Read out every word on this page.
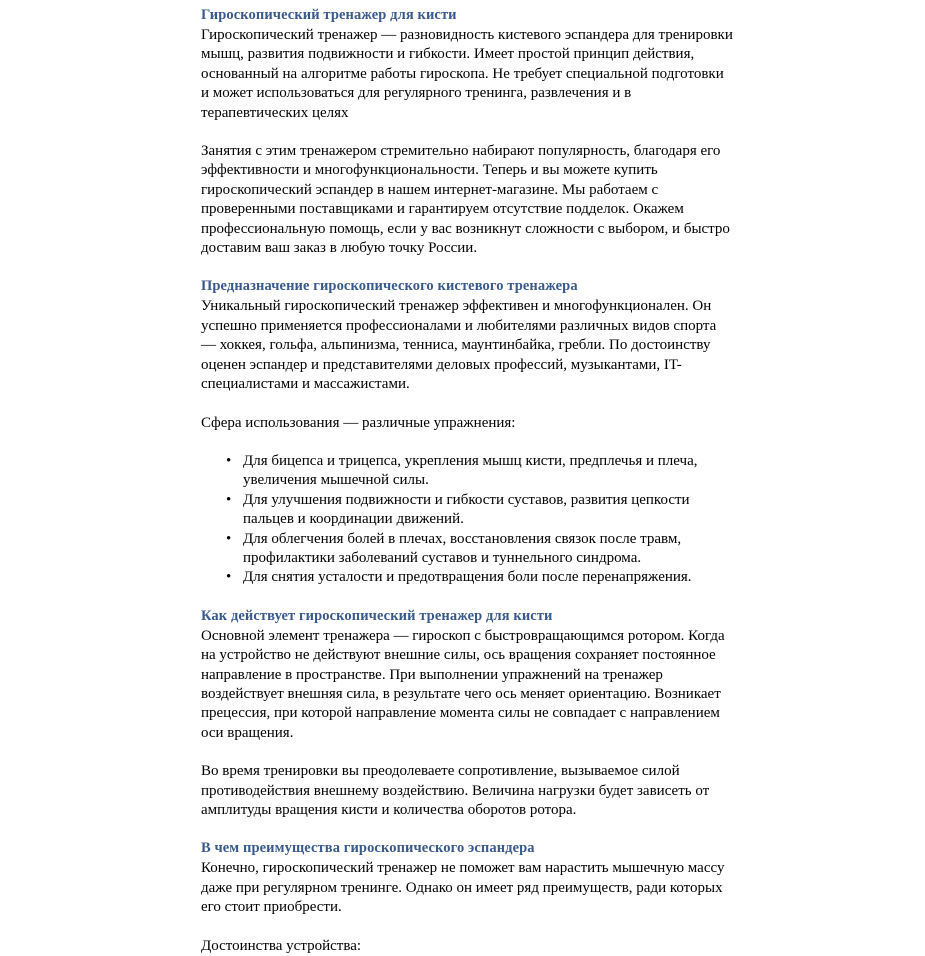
Гироскопический тренажер для кисти

Гироскопический тренажер — разновидность кистевого эспандера для тренировки мышц, развития подвижности и гибкости. Имеет простой принцип действия, основанный на алгоритме работы гироскопа. Не требует специальной подготовки и может использоваться для регулярного тренинга, развлечения и в терапевтических целях

Занятия с этим тренажером стремительно набирают популярность, благодаря его эффективности и многофункциональности. Теперь и вы можете купить гироскопический эспандер в нашем интернет-магазине. Мы работаем с проверенными поставщиками и гарантируем отсутствие подделок. Окажем профессиональную помощь, если у вас возникнут сложности с выбором, и быстро доставим ваш заказ в любую точку России.

Предназначение гироскопического кистевого тренажера

Уникальный гироскопический тренажер эффективен и многофункционален. Он успешно применяется профессионалами и любителями различных видов спорта — хоккея, гольфа, альпинизма, тенниса, маунтинбайка, гребли. По достоинству оценен эспандер и представителями деловых профессий, музыкантами, IT-специалистами и массажистами.

Сфера использования — различные упражнения:

• Для бицепса и трицепса, укрепления мышц кисти, предплечья и плеча, увеличения мышечной силы.
• Для улучшения подвижности и гибкости суставов, развития цепкости пальцев и координации движений.
• Для облегчения болей в плечах, восстановления связок после травм, профилактики заболеваний суставов и туннельного синдрома.
• Для снятия усталости и предотвращения боли после перенапряжения.
Как действует гироскопический тренажер для кисти

Основной элемент тренажера — гироскоп с быстровращающимся ротором. Когда на устройство не действуют внешние силы, ось вращения сохраняет постоянное направление в пространстве. При выполнении упражнений на тренажер воздействует внешняя сила, в результате чего ось меняет ориентацию. Возникает прецессия, при которой направление момента силы не совпадает с направлением оси вращения.

Во время тренировки вы преодолеваете сопротивление, вызываемое силой противодействия внешнему воздействию. Величина нагрузки будет зависеть от амплитуды вращения кисти и количества оборотов ротора.

В чем преимущества гироскопического эспандера

Конечно, гироскопический тренажер не поможет вам нарастить мышечную массу даже при регулярном тренинге. Однако он имеет ряд преимуществ, ради которых его стоит приобрести.

Достоинства устройства:
